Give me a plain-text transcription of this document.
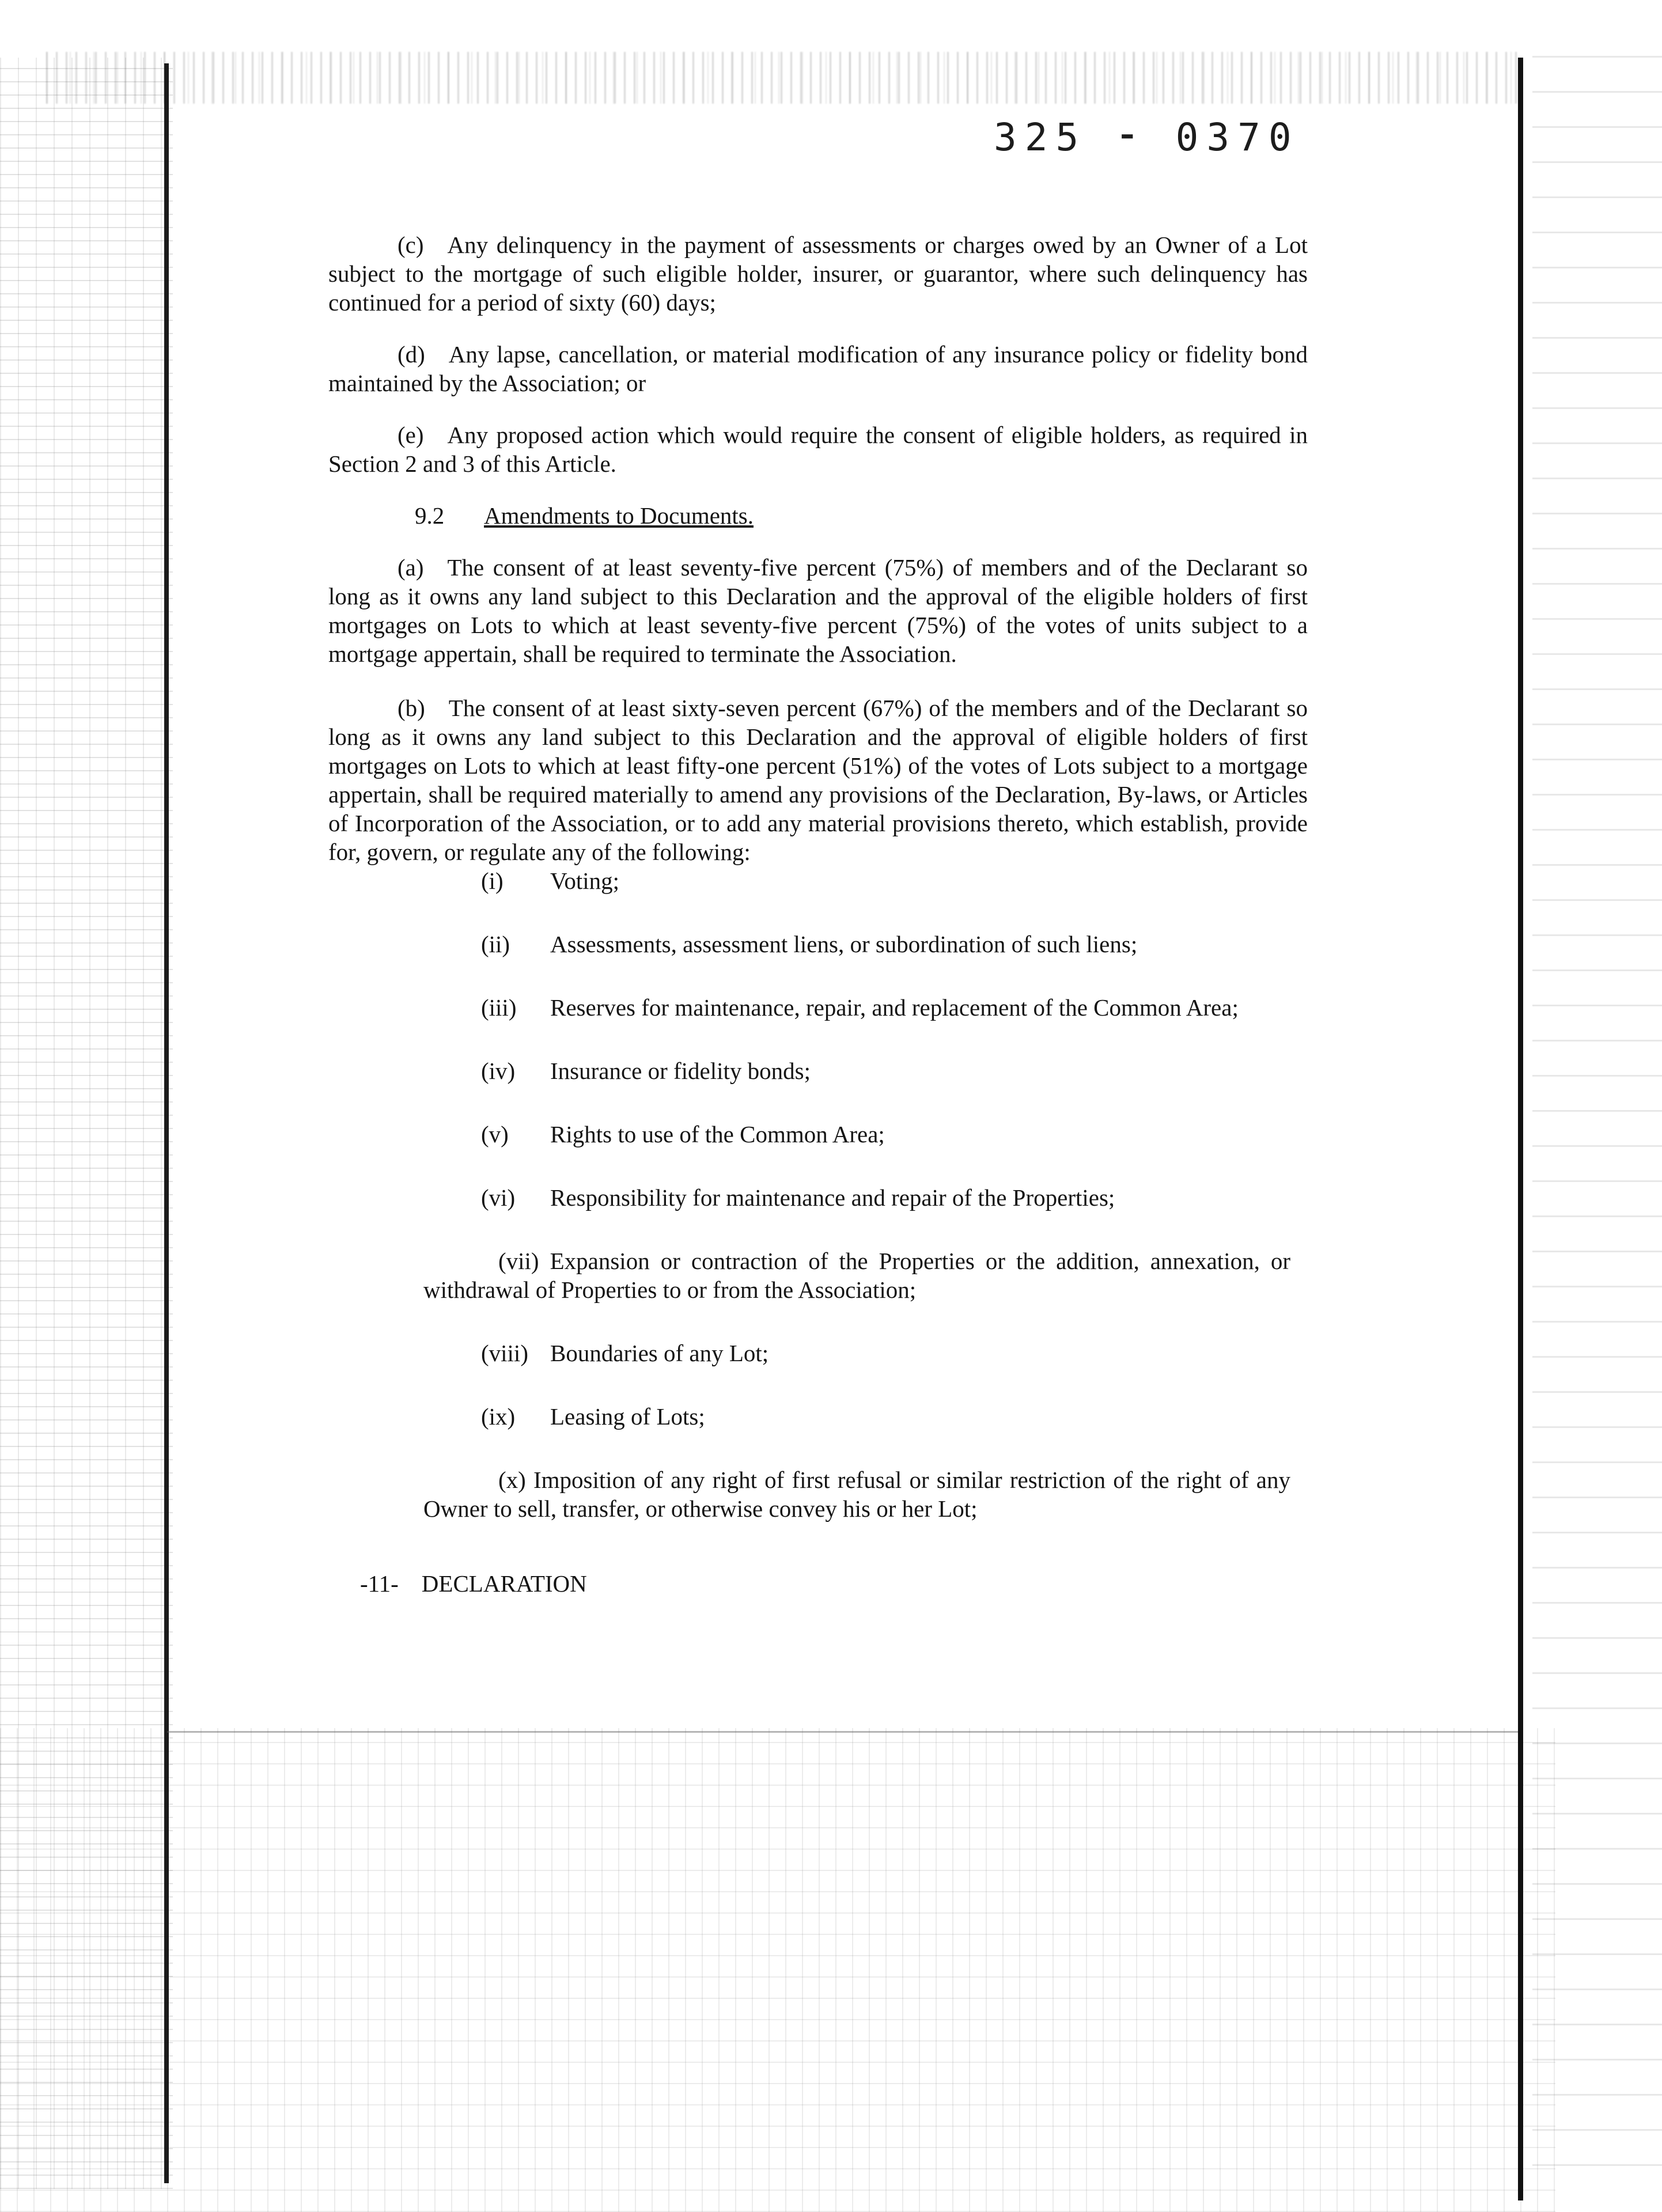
325 ⁃ 0370

(c) Any delinquency in the payment of assessments or charges owed by an Owner of a Lot subject to the mortgage of such eligible holder, insurer, or guarantor, where such delinquency has continued for a period of sixty (60) days;

(d) Any lapse, cancellation, or material modification of any insurance policy or fidelity bond maintained by the Association; or

(e) Any proposed action which would require the consent of eligible holders, as required in Section 2 and 3 of this Article.

9.2 Amendments to Documents.

(a) The consent of at least seventy-five percent (75%) of members and of the Declarant so long as it owns any land subject to this Declaration and the approval of the eligible holders of first mortgages on Lots to which at least seventy-five percent (75%) of the votes of units subject to a mortgage appertain, shall be required to terminate the Association.

(b) The consent of at least sixty-seven percent (67%) of the members and of the Declarant so long as it owns any land subject to this Declaration and the approval of eligible holders of first mortgages on Lots to which at least fifty-one percent (51%) of the votes of Lots subject to a mortgage appertain, shall be required materially to amend any provisions of the Declaration, By-laws, or Articles of Incorporation of the Association, or to add any material provisions thereto, which establish, provide for, govern, or regulate any of the following:

(i) Voting;

(ii) Assessments, assessment liens, or subordination of such liens;

(iii) Reserves for maintenance, repair, and replacement of the Common Area;

(iv) Insurance or fidelity bonds;

(v) Rights to use of the Common Area;

(vi) Responsibility for maintenance and repair of the Properties;

(vii) Expansion or contraction of the Properties or the addition, annexation, or withdrawal of Properties to or from the Association;

(viii) Boundaries of any Lot;

(ix) Leasing of Lots;

(x) Imposition of any right of first refusal or similar restriction of the right of any Owner to sell, transfer, or otherwise convey his or her Lot;

-11- DECLARATION
